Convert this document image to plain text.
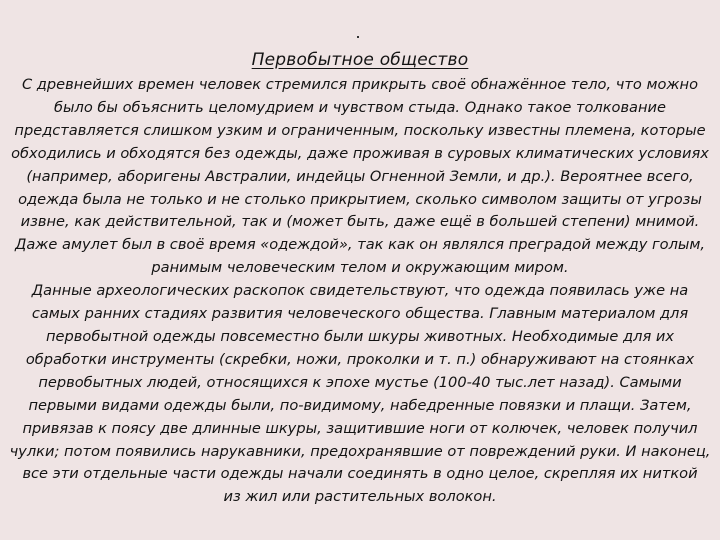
Первобытное общество
С древнейших времен человек стремился прикрыть своё обнажённое тело, что можно
было бы объяснить целомудрием и чувством стыда. Однако такое толкование
представляется слишком узким и ограниченным, поскольку известны племена, которые
обходились и обходятся без одежды, даже проживая в суровых климатических условиях
(например, аборигены Австралии, индейцы Огненной Земли, и др.). Вероятнее всего,
одежда была не только и не столько прикрытием, сколько символом защиты от угрозы
извне, как действительной, так и (может быть, даже ещё в большей степени) мнимой.
Даже амулет был в своё время «одеждой», так как он являлся преградой между голым,
ранимым человеческим телом и окружающим миром.
Данные археологических раскопок свидетельствуют, что одежда появилась уже на
самых ранних стадиях развития человеческого общества. Главным материалом для
первобытной одежды повсеместно были шкуры животных. Необходимые для их
обработки инструменты (скребки, ножи, проколки и т. п.) обнаруживают на стоянках
первобытных людей, относящихся к эпохе мустье (100-40 тыс.лет назад). Самыми
первыми видами одежды были, по-видимому, набедренные повязки и плащи. Затем,
привязав к поясу две длинные шкуры, защитившие ноги от колючек, человек получил
чулки; потом появились нарукавники, предохранявшие от повреждений руки. И наконец,
все эти отдельные части одежды начали соединять в одно целое, скрепляя их ниткой
из жил или растительных волокон.
